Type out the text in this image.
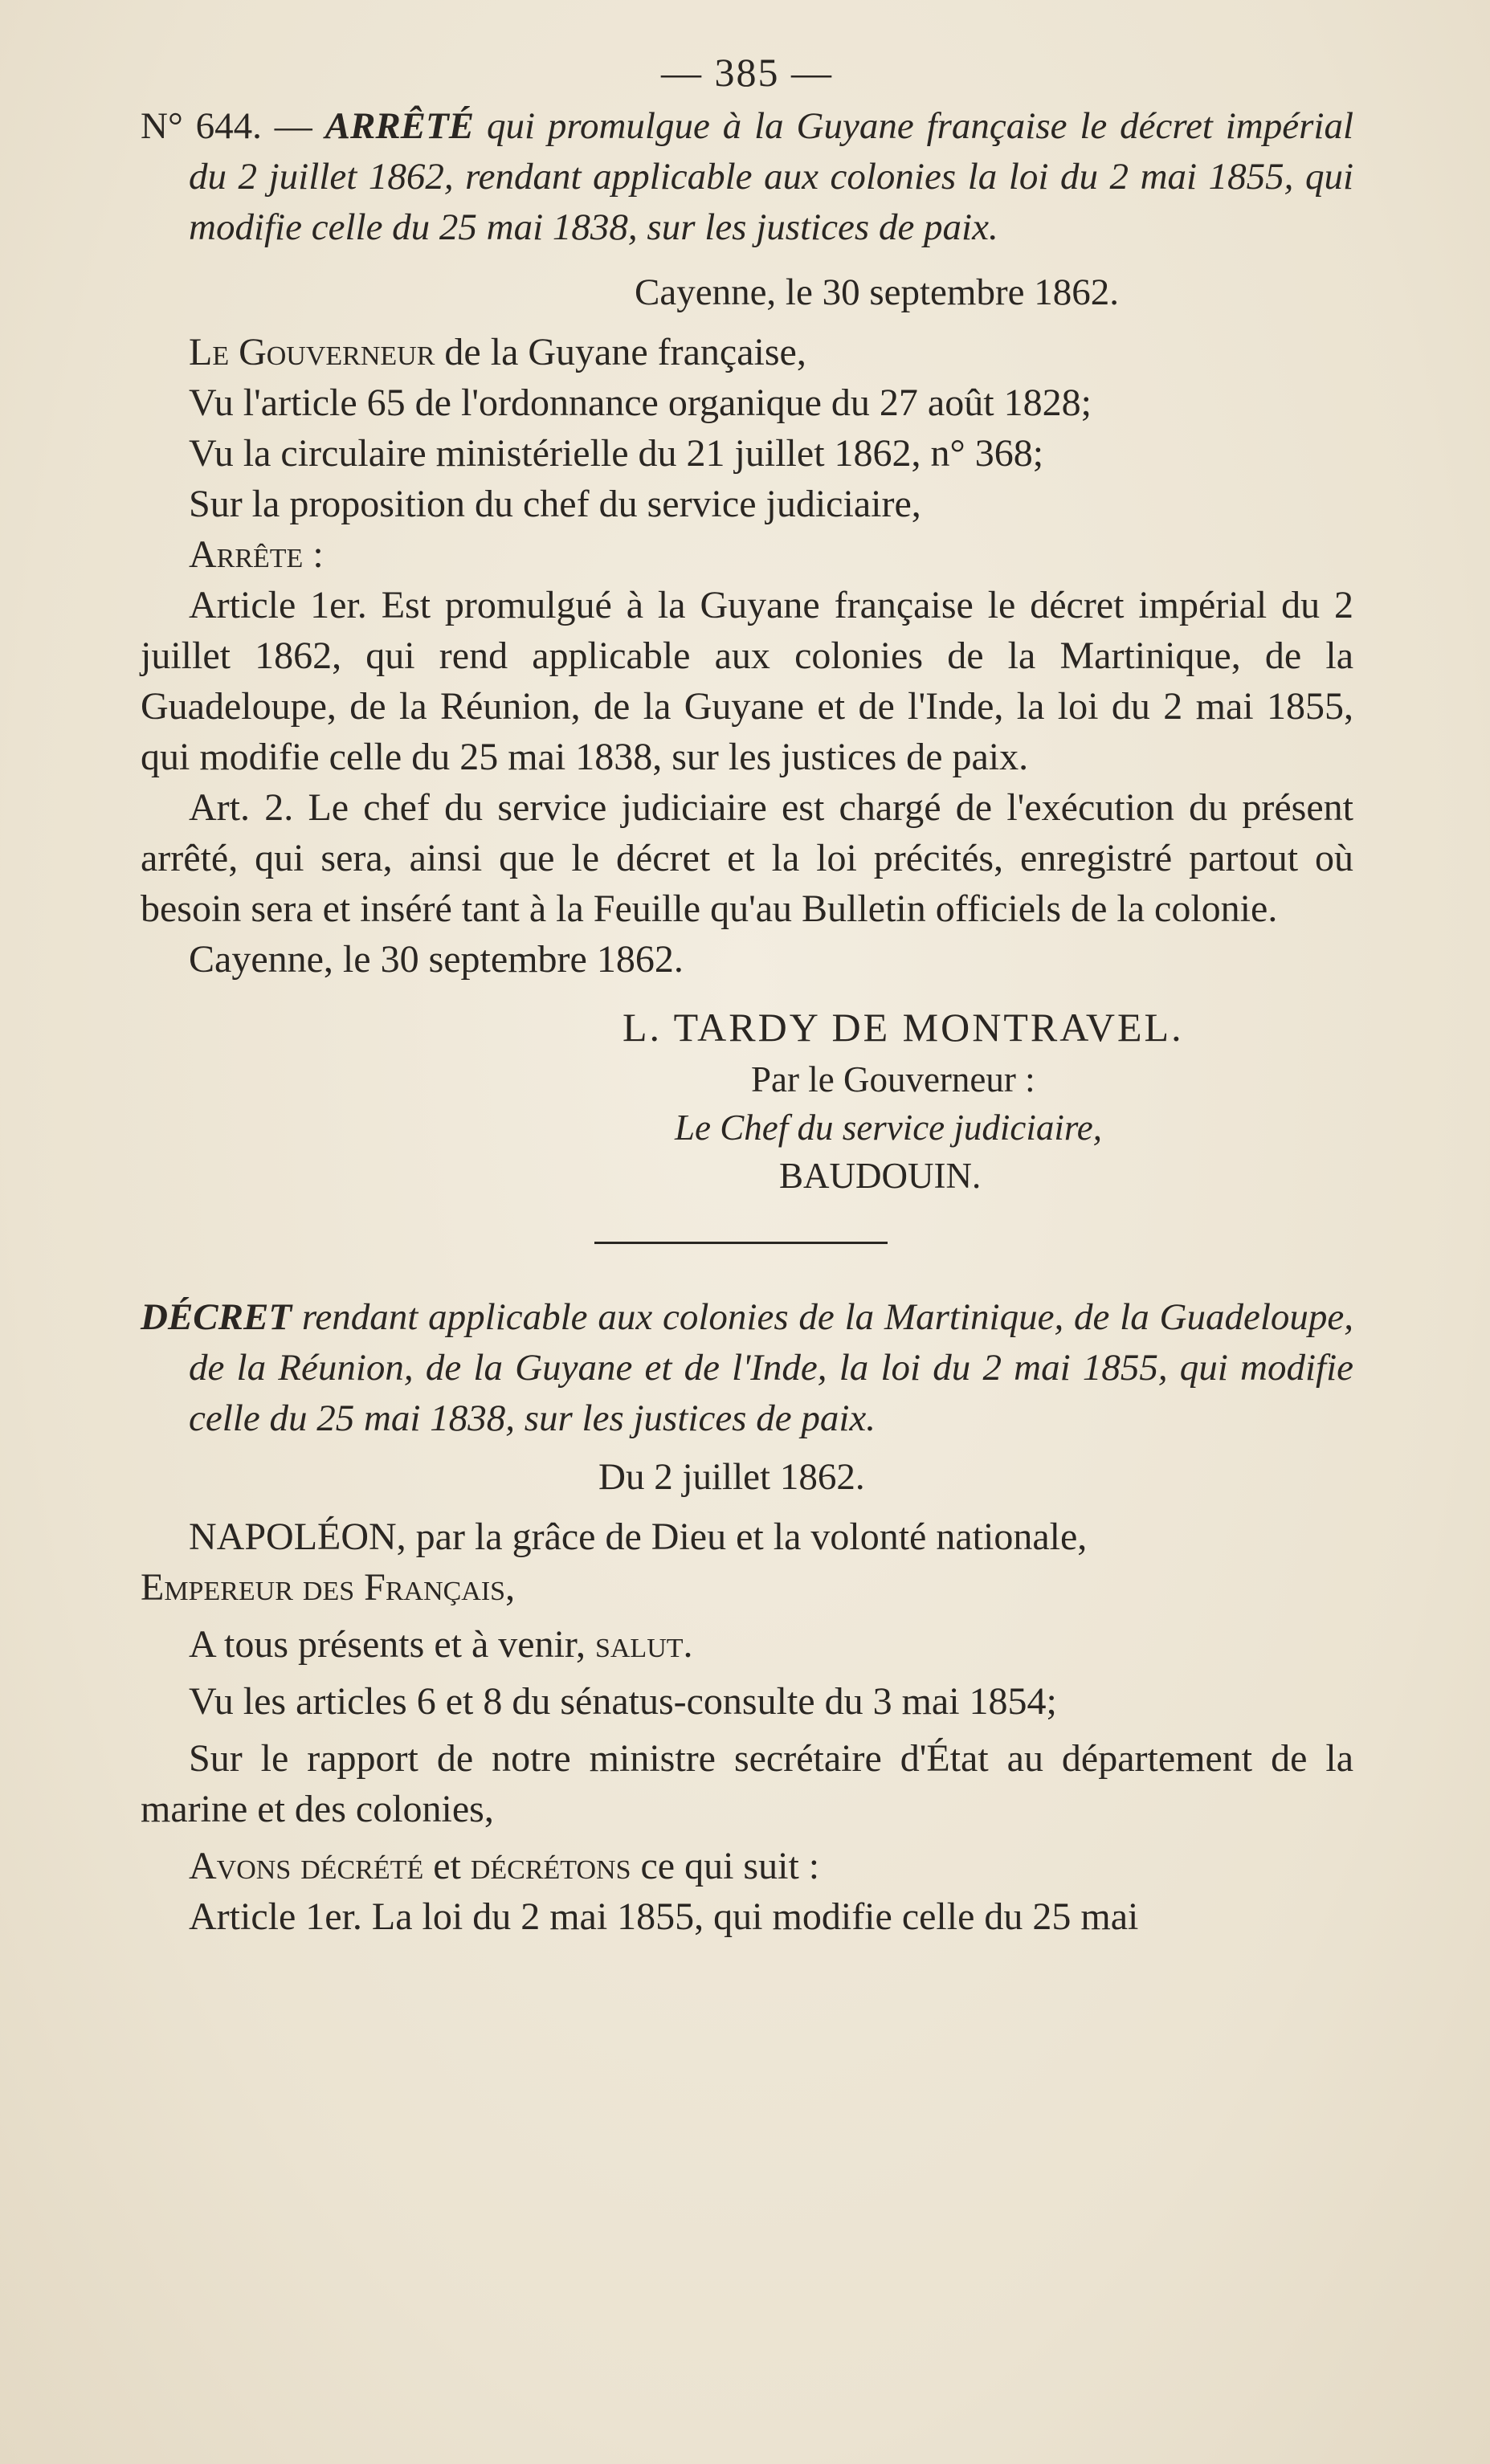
— 385 —

N° 644. — ARRÊTÉ qui promulgue à la Guyane française le décret impérial du 2 juillet 1862, rendant applicable aux colonies la loi du 2 mai 1855, qui modifie celle du 25 mai 1838, sur les justices de paix.

Cayenne, le 30 septembre 1862.

Le Gouverneur de la Guyane française,

Vu l'article 65 de l'ordonnance organique du 27 août 1828;

Vu la circulaire ministérielle du 21 juillet 1862, n° 368;

Sur la proposition du chef du service judiciaire,

Arrête :

Article 1er. Est promulgué à la Guyane française le décret impérial du 2 juillet 1862, qui rend applicable aux colonies de la Martinique, de la Guadeloupe, de la Réunion, de la Guyane et de l'Inde, la loi du 2 mai 1855, qui modifie celle du 25 mai 1838, sur les justices de paix.

Art. 2. Le chef du service judiciaire est chargé de l'exécution du présent arrêté, qui sera, ainsi que le décret et la loi précités, enregistré partout où besoin sera et inséré tant à la Feuille qu'au Bulletin officiels de la colonie.

Cayenne, le 30 septembre 1862.

L. TARDY DE MONTRAVEL.

Par le Gouverneur :

Le Chef du service judiciaire,

BAUDOUIN.

DÉCRET rendant applicable aux colonies de la Martinique, de la Guadeloupe, de la Réunion, de la Guyane et de l'Inde, la loi du 2 mai 1855, qui modifie celle du 25 mai 1838, sur les justices de paix.

Du 2 juillet 1862.

NAPOLÉON, par la grâce de Dieu et la volonté nationale,

Empereur des Français,

A tous présents et à venir, salut.

Vu les articles 6 et 8 du sénatus-consulte du 3 mai 1854;

Sur le rapport de notre ministre secrétaire d'État au département de la marine et des colonies,

Avons décrété et décrétons ce qui suit :

Article 1er. La loi du 2 mai 1855, qui modifie celle du 25 mai
